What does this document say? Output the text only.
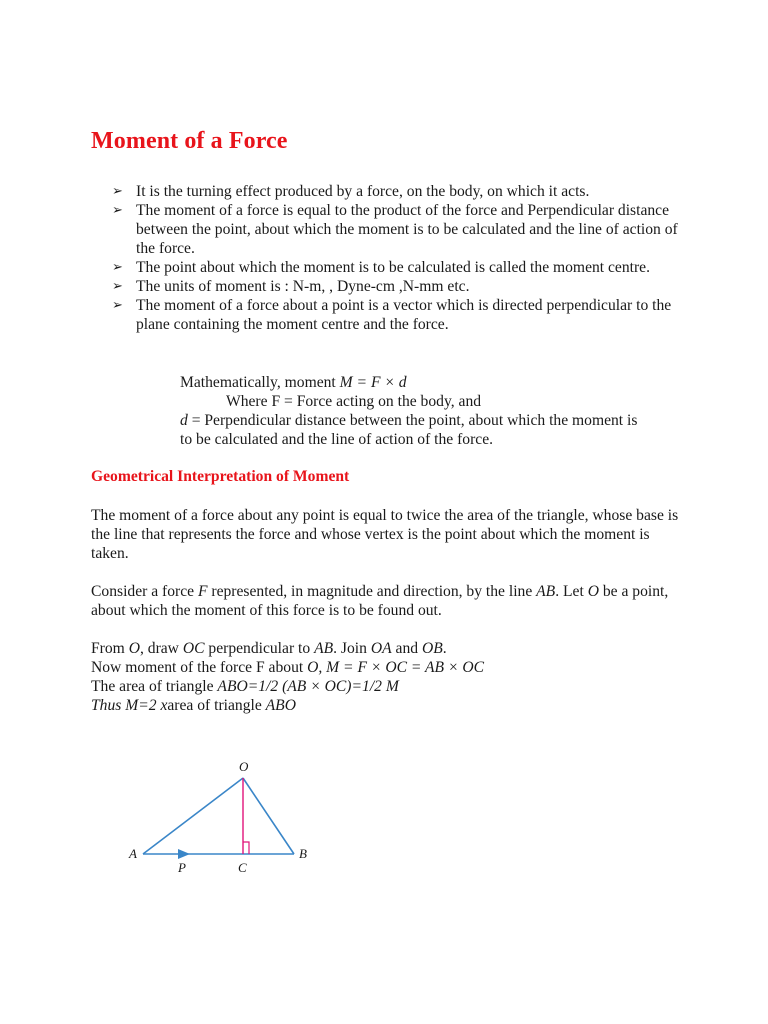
Moment of a Force
➢ It is the turning effect produced by a force, on the body, on which it acts.
➢ The moment of a force is equal to the product of the force and Perpendicular distance between the point, about which the moment is to be calculated and the line of action of the force.
➢ The point about which the moment is to be calculated is called the moment centre.
➢ The units of moment is : N-m, , Dyne-cm ,N-mm etc.
➢ The moment of a force about a point is a vector which is directed perpendicular to the plane containing the moment centre and the force.
Mathematically, moment M = F × d
Where F = Force acting on the body, and
d = Perpendicular distance between the point, about which the moment is to be calculated and the line of action of the force.
Geometrical Interpretation of Moment

The moment of a force about any point is equal to twice the area of the triangle, whose base is the line that represents the force and whose vertex is the point about which the moment is taken.

Consider a force F represented, in magnitude and direction, by the line AB. Let O be a point, about which the moment of this force is to be found out.

From O, draw OC perpendicular to AB. Join OA and OB.
Now moment of the force F about O, M = F × OC = AB × OC
The area of triangle ABO=1/2 (AB × OC)=1/2 M
Thus M=2 xarea of triangle ABO
O
A	B
C
P
